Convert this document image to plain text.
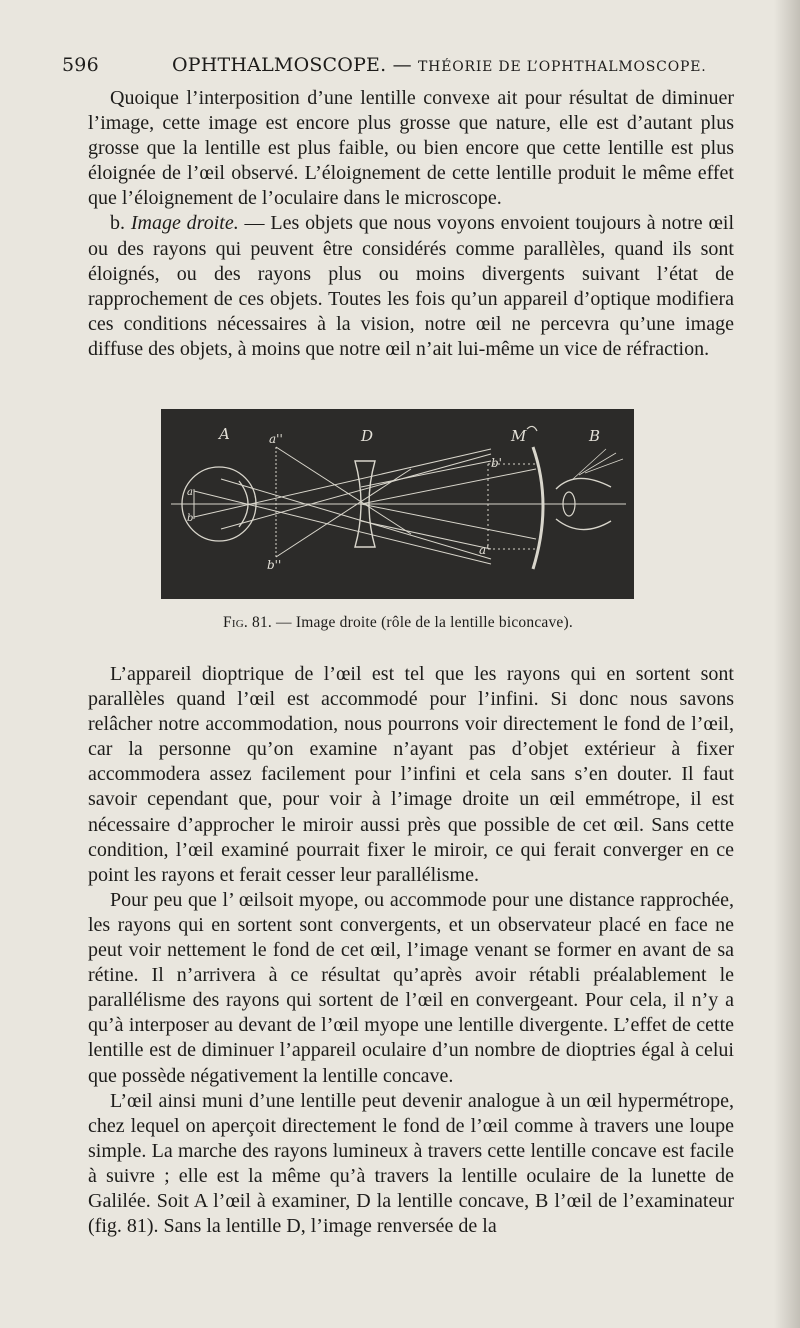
596	OPHTHALMOSCOPE. — THÉORIE DE L’OPHTHALMOSCOPE.

Quoique l’interposition d’une lentille convexe ait pour résultat de diminuer l’image, cette image est encore plus grosse que nature, elle est d’autant plus grosse que la lentille est plus faible, ou bien encore que cette lentille est plus éloignée de l’œil observé. L’éloignement de cette lentille produit le même effet que l’éloignement de l’oculaire dans le microscope.

b. Image droite. — Les objets que nous voyons envoient toujours à notre œil ou des rayons qui peuvent être considérés comme parallèles, quand ils sont éloignés, ou des rayons plus ou moins divergents suivant l’état de rapprochement de ces objets. Toutes les fois qu’un appareil d’optique modifiera ces conditions nécessaires à la vision, notre œil ne percevra qu’une image diffuse des objets, à moins que notre œil n’ait lui-même un vice de réfraction.

A	a''	D	M	B
b'
a'
b''
a
b
Fig. 81. — Image droite (rôle de la lentille biconcave).

L’appareil dioptrique de l’œil est tel que les rayons qui en sortent sont parallèles quand l’œil est accommodé pour l’infini. Si donc nous savons relâcher notre accommodation, nous pourrons voir directement le fond de l’œil, car la personne qu’on examine n’ayant pas d’objet extérieur à fixer accommodera assez facilement pour l’infini et cela sans s’en douter. Il faut savoir cependant que, pour voir à l’image droite un œil emmétrope, il est nécessaire d’approcher le miroir aussi près que possible de cet œil. Sans cette condition, l’œil examiné pourrait fixer le miroir, ce qui ferait converger en ce point les rayons et ferait cesser leur parallélisme.

Pour peu que l’ œilsoit myope, ou accommode pour une distance rapprochée, les rayons qui en sortent sont convergents, et un observateur placé en face ne peut voir nettement le fond de cet œil, l’image venant se former en avant de sa rétine. Il n’arrivera à ce résultat qu’après avoir rétabli préalablement le parallélisme des rayons qui sortent de l’œil en convergeant. Pour cela, il n’y a qu’à interposer au devant de l’œil myope une lentille divergente. L’effet de cette lentille est de diminuer l’appareil oculaire d’un nombre de dioptries égal à celui que possède négativement la lentille concave.

L’œil ainsi muni d’une lentille peut devenir analogue à un œil hypermétrope, chez lequel on aperçoit directement le fond de l’œil comme à travers une loupe simple. La marche des rayons lumineux à travers cette lentille concave est facile à suivre ; elle est la même qu’à travers la lentille oculaire de la lunette de Galilée. Soit A l’œil à examiner, D la lentille concave, B l’œil de l’examinateur (fig. 81). Sans la lentille D, l’image renversée de la
